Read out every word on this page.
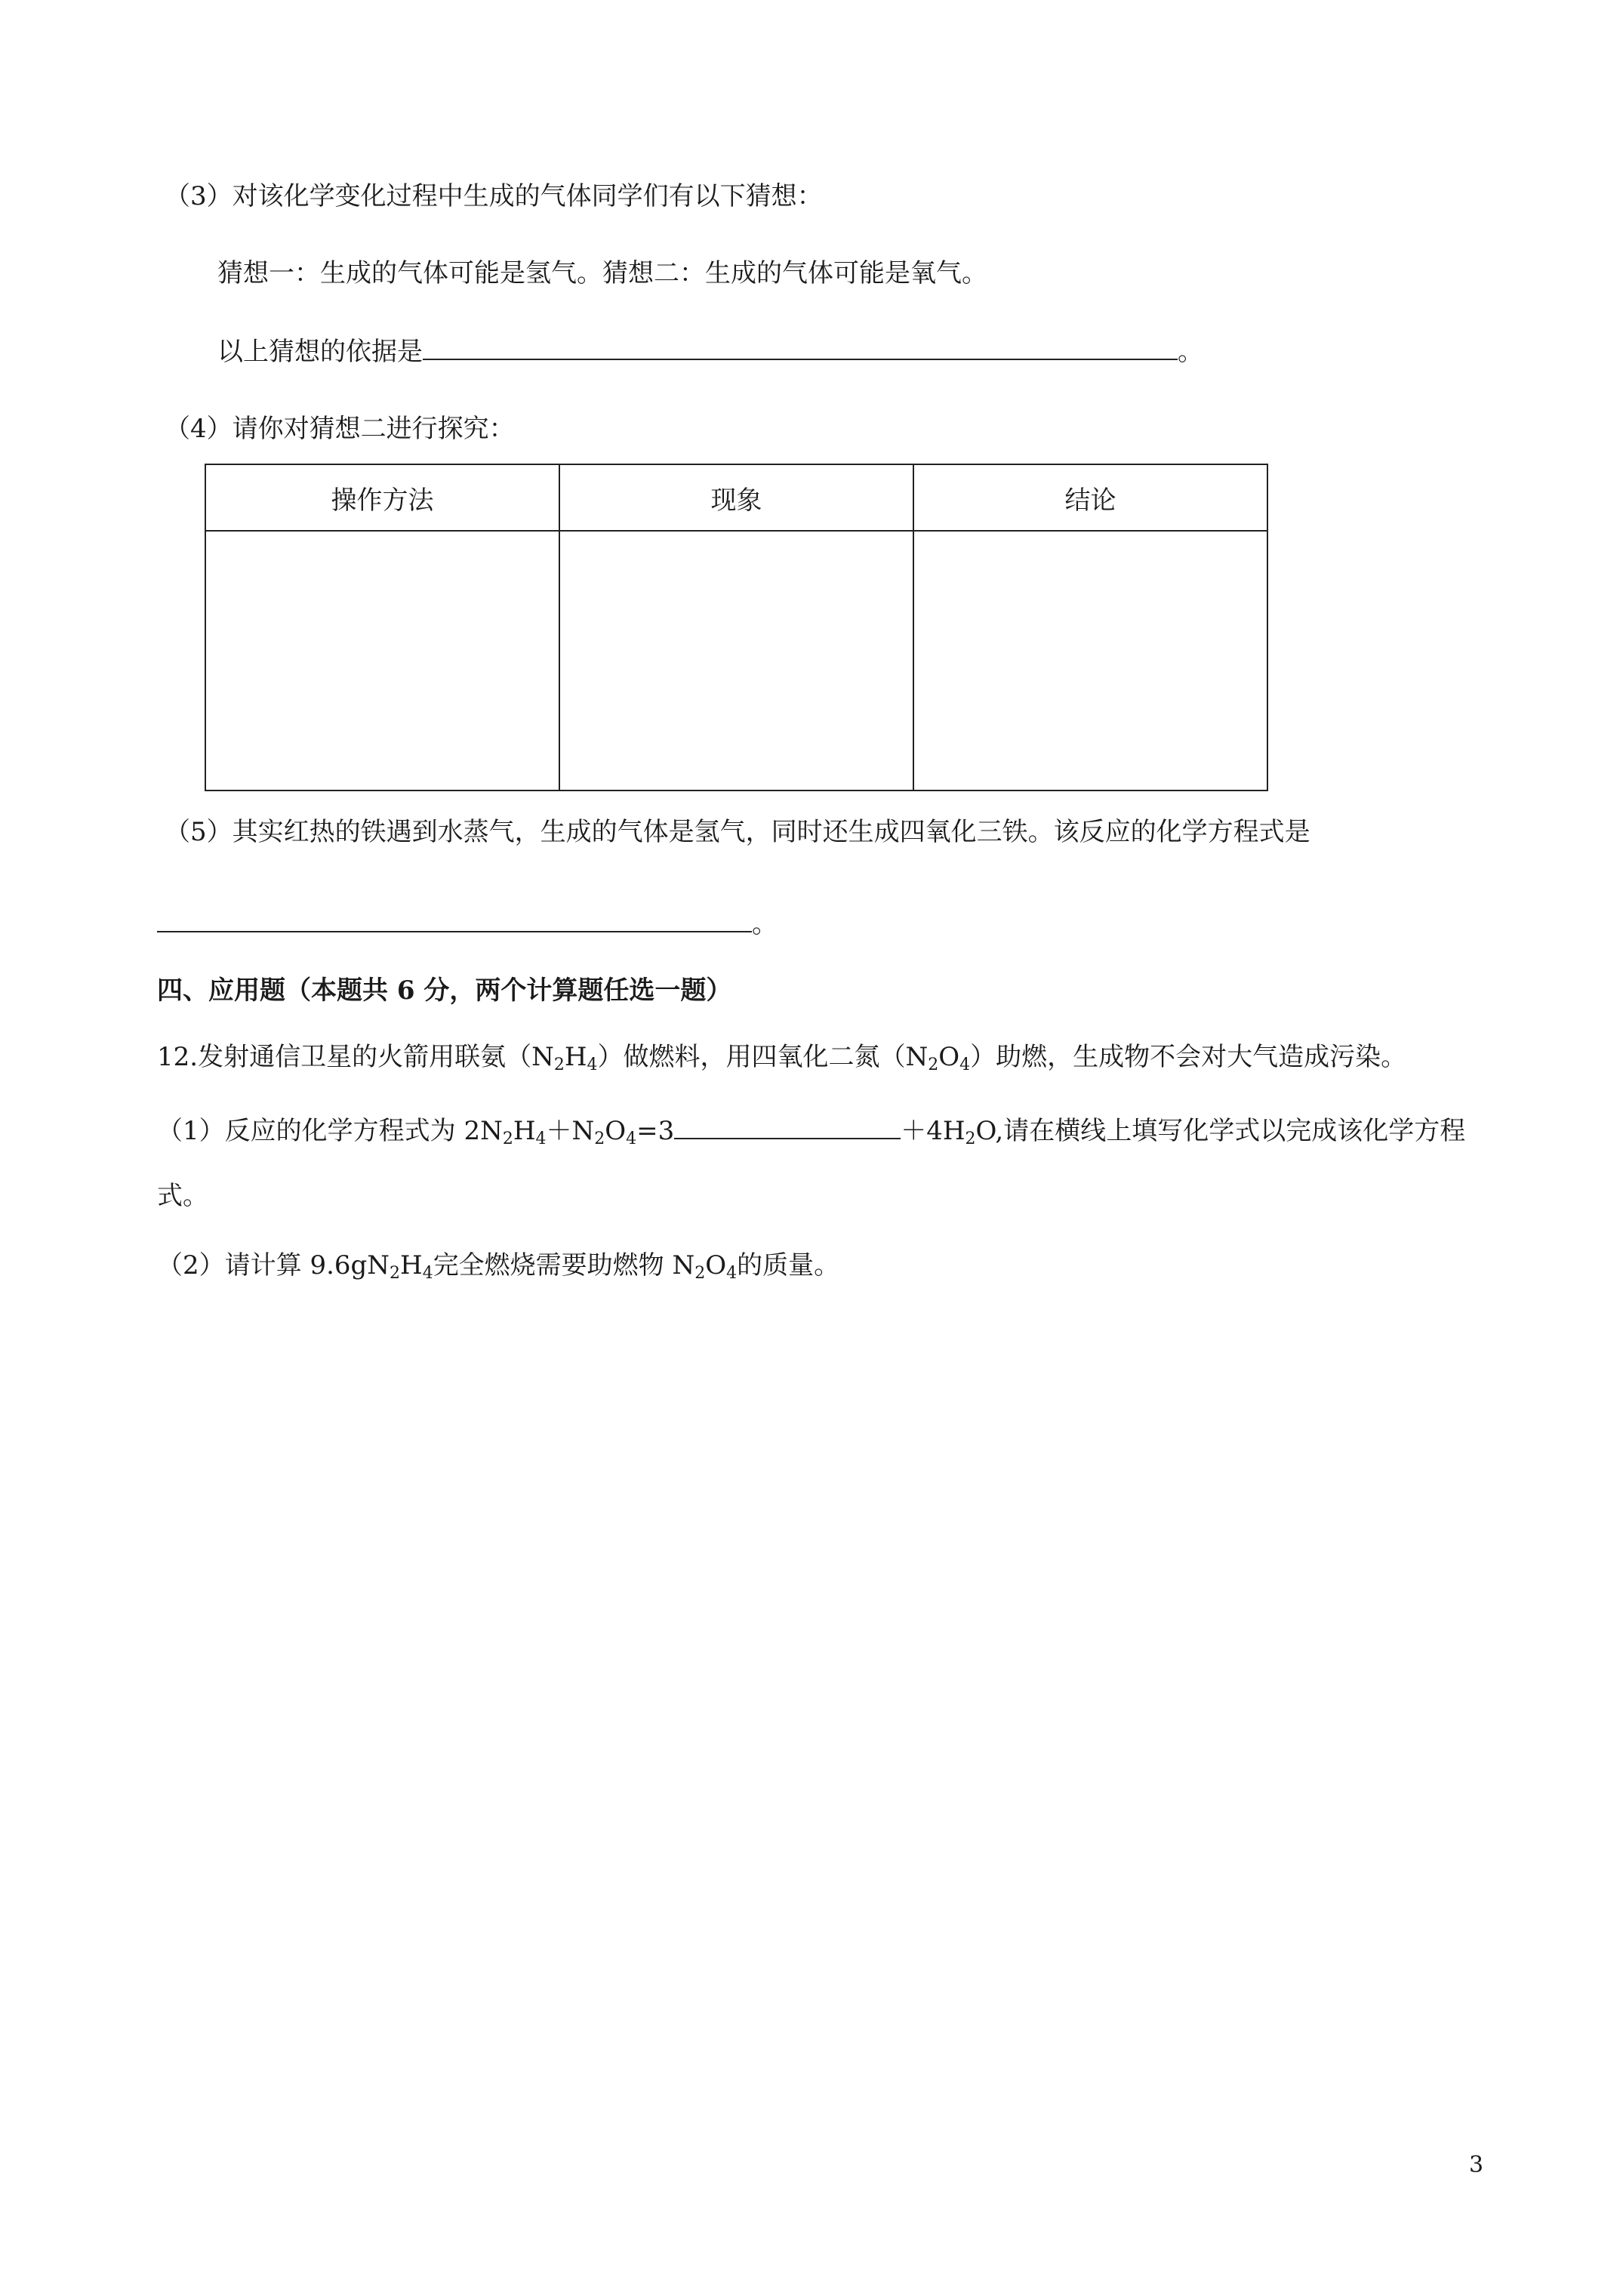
（3）对该化学变化过程中生成的气体同学们有以下猜想：
猜想一：生成的气体可能是氢气。猜想二：生成的气体可能是氧气。
以上猜想的依据是	。
（4）请你对猜想二进行探究：
操作方法	现象	结论

（5）其实红热的铁遇到水蒸气，生成的气体是氢气，同时还生成四氧化三铁。该反应的化学方程式是
。
四、应用题（本题共 6 分，两个计算题任选一题）
12.发射通信卫星的火箭用联氨$(N_2H_4)$做燃料，用四氧化二氮$(N_2O_4)$助燃，生成物不会对大气造成污染。
（1）反应的化学方程式为 $2N_2H_4+N_2O_4=3$	$+4H_2O$,请在横线上填写化学式以完成该化学方程
式。
（2）请计算 $9.6gN_2H_4$完全燃烧需要助燃物 $N_2O_4$的质量。
3
